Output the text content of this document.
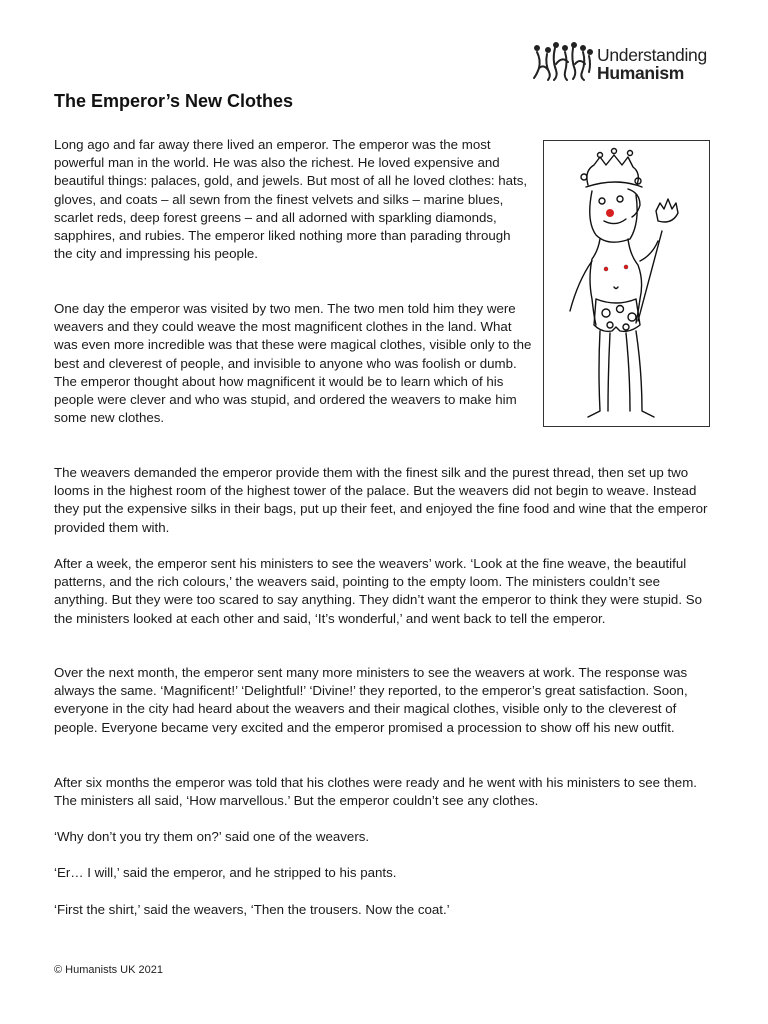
Understanding
Humanism
The Emperor’s New Clothes

Long ago and far away there lived an emperor. The emperor was the most powerful man in the world. He was also the richest. He loved expensive and beautiful things: palaces, gold, and jewels. But most of all he loved clothes: hats, gloves, and coats – all sewn from the finest velvets and silks – marine blues, scarlet reds, deep forest greens – and all adorned with sparkling diamonds, sapphires, and rubies. The emperor liked nothing more than parading through the city and impressing his people.

One day the emperor was visited by two men. The two men told him they were weavers and they could weave the most magnificent clothes in the land. What was even more incredible was that these were magical clothes, visible only to the best and cleverest of people, and invisible to anyone who was foolish or dumb. The emperor thought about how magnificent it would be to learn which of his people were clever and who was stupid, and ordered the weavers to make him some new clothes.

The weavers demanded the emperor provide them with the finest silk and the purest thread, then set up two looms in the highest room of the highest tower of the palace. But the weavers did not begin to weave. Instead they put the expensive silks in their bags, put up their feet, and enjoyed the fine food and wine that the emperor provided them with.

After a week, the emperor sent his ministers to see the weavers’ work. ‘Look at the fine weave, the beautiful patterns, and the rich colours,’ the weavers said, pointing to the empty loom. The ministers couldn’t see anything. But they were too scared to say anything. They didn’t want the emperor to think they were stupid. So the ministers looked at each other and said, ‘It’s wonderful,’ and went back to tell the emperor.

Over the next month, the emperor sent many more ministers to see the weavers at work. The response was always the same. ‘Magnificent!’ ‘Delightful!’ ‘Divine!’ they reported, to the emperor’s great satisfaction. Soon, everyone in the city had heard about the weavers and their magical clothes, visible only to the cleverest of people. Everyone became very excited and the emperor promised a procession to show off his new outfit.

After six months the emperor was told that his clothes were ready and he went with his ministers to see them. The ministers all said, ‘How marvellous.’ But the emperor couldn’t see any clothes.

‘Why don’t you try them on?’ said one of the weavers.

‘Er… I will,’ said the emperor, and he stripped to his pants.

‘First the shirt,’ said the weavers, ‘Then the trousers. Now the coat.’

© Humanists UK 2021
